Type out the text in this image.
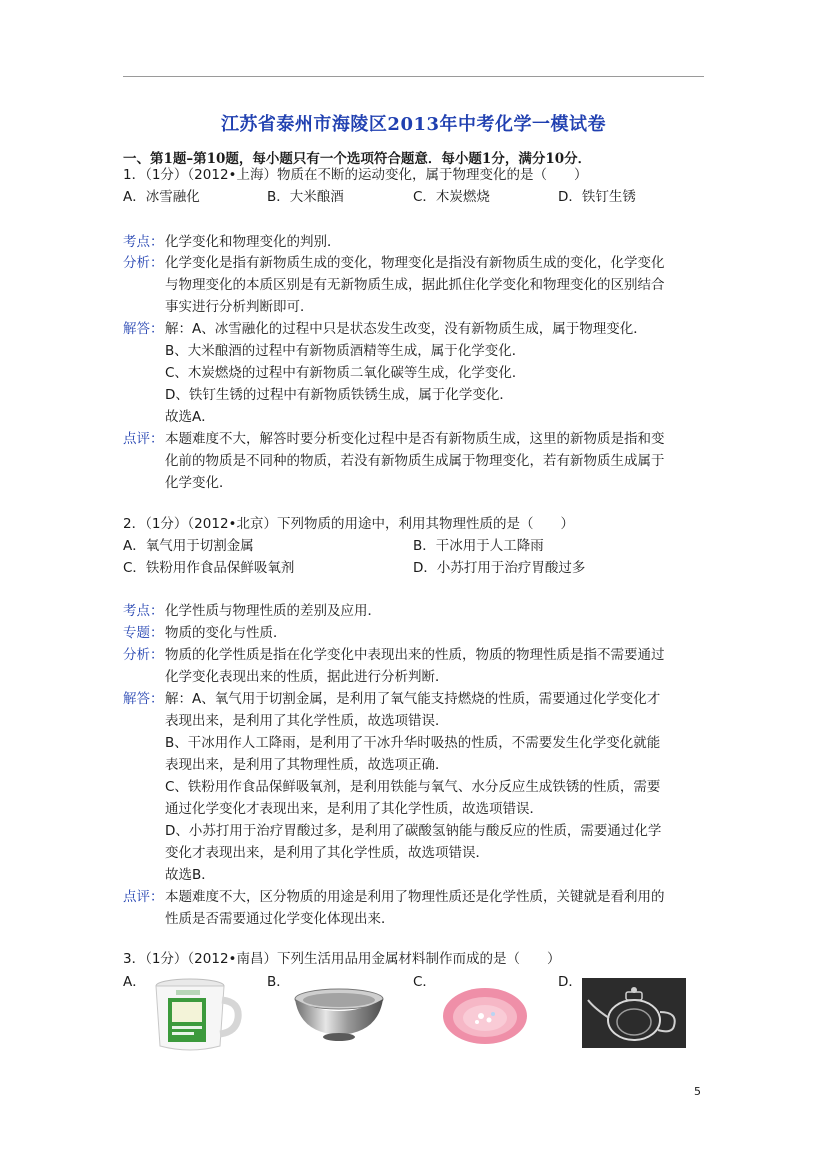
江苏省泰州市海陵区2013年中考化学一模试卷
一、第1题–第10题，每小题只有一个选项符合题意．每小题1分，满分10分．
1．（1分）（2012•上海）物质在不断的运动变化，属于物理变化的是（　　）
A．冰雪融化	B．大米酿酒	C．木炭燃烧	D．铁钉生锈
考点： 化学变化和物理变化的判别．
分析： 化学变化是指有新物质生成的变化，物理变化是指没有新物质生成的变化，化学变化
与物理变化的本质区别是有无新物质生成，据此抓住化学变化和物理变化的区别结合
事实进行分析判断即可．
解答： 解：A、冰雪融化的过程中只是状态发生改变，没有新物质生成，属于物理变化．
B、大米酿酒的过程中有新物质酒精等生成，属于化学变化．
C、木炭燃烧的过程中有新物质二氧化碳等生成，化学变化．
D、铁钉生锈的过程中有新物质铁锈生成，属于化学变化．
故选A．
点评： 本题难度不大，解答时要分析变化过程中是否有新物质生成，这里的新物质是指和变
化前的物质是不同种的物质，若没有新物质生成属于物理变化，若有新物质生成属于
化学变化．
2．（1分）（2012•北京）下列物质的用途中，利用其物理性质的是（　　）
A．氧气用于切割金属	B．干冰用于人工降雨
C．铁粉用作食品保鲜吸氧剂	D．小苏打用于治疗胃酸过多
考点： 化学性质与物理性质的差别及应用．
专题： 物质的变化与性质．
分析： 物质的化学性质是指在化学变化中表现出来的性质，物质的物理性质是指不需要通过
化学变化表现出来的性质，据此进行分析判断．
解答： 解：A、氧气用于切割金属，是利用了氧气能支持燃烧的性质，需要通过化学变化才
表现出来，是利用了其化学性质，故选项错误．
B、干冰用作人工降雨，是利用了干冰升华时吸热的性质，不需要发生化学变化就能
表现出来，是利用了其物理性质，故选项正确．
C、铁粉用作食品保鲜吸氧剂，是利用铁能与氧气、水分反应生成铁锈的性质，需要
通过化学变化才表现出来，是利用了其化学性质，故选项错误．
D、小苏打用于治疗胃酸过多，是利用了碳酸氢钠能与酸反应的性质，需要通过化学
变化才表现出来，是利用了其化学性质，故选项错误．
故选B．
点评： 本题难度不大，区分物质的用途是利用了物理性质还是化学性质，关键就是看利用的
性质是否需要通过化学变化体现出来．
3．（1分）（2012•南昌）下列生活用品用金属材料制作而成的是（　　）
A．	B．	C．	D．
5
